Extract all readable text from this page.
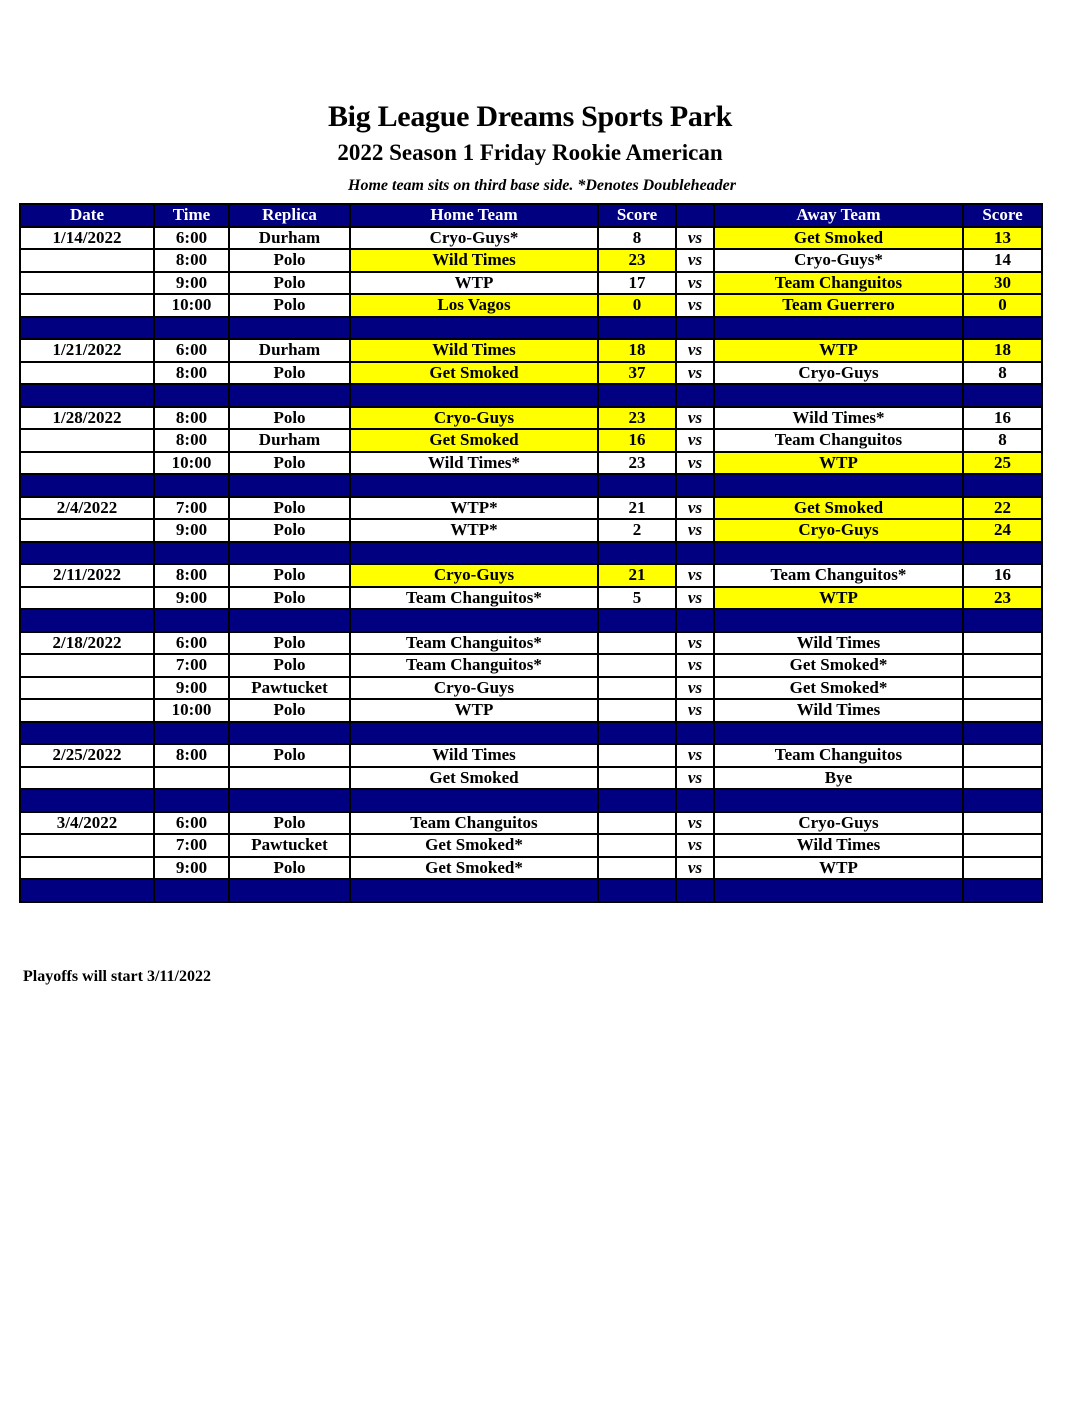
Big League Dreams Sports Park
2022 Season 1 Friday Rookie American
Home team sits on third base side. *Denotes Doubleheader
Date	Time	Replica	Home Team	Score		Away Team	Score
1/14/2022	6:00	Durham	Cryo-Guys*	8	vs	Get Smoked	13
	8:00	Polo	Wild Times	23	vs	Cryo-Guys*	14
	9:00	Polo	WTP	17	vs	Team Changuitos	30
	10:00	Polo	Los Vagos	0	vs	Team Guerrero	0

1/21/2022	6:00	Durham	Wild Times	18	vs	WTP	18
	8:00	Polo	Get Smoked	37	vs	Cryo-Guys	8

1/28/2022	8:00	Polo	Cryo-Guys	23	vs	Wild Times*	16
	8:00	Durham	Get Smoked	16	vs	Team Changuitos	8
	10:00	Polo	Wild Times*	23	vs	WTP	25

2/4/2022	7:00	Polo	WTP*	21	vs	Get Smoked	22
	9:00	Polo	WTP*	2	vs	Cryo-Guys	24

2/11/2022	8:00	Polo	Cryo-Guys	21	vs	Team Changuitos*	16
	9:00	Polo	Team Changuitos*	5	vs	WTP	23

2/18/2022	6:00	Polo	Team Changuitos*		vs	Wild Times	
	7:00	Polo	Team Changuitos*		vs	Get Smoked*	
	9:00	Pawtucket	Cryo-Guys		vs	Get Smoked*	
	10:00	Polo	WTP		vs	Wild Times	

2/25/2022	8:00	Polo	Wild Times		vs	Team Changuitos	
			Get Smoked		vs	Bye	

3/4/2022	6:00	Polo	Team Changuitos		vs	Cryo-Guys	
	7:00	Pawtucket	Get Smoked*		vs	Wild Times	
	9:00	Polo	Get Smoked*		vs	WTP	

Playoffs will start 3/11/2022
